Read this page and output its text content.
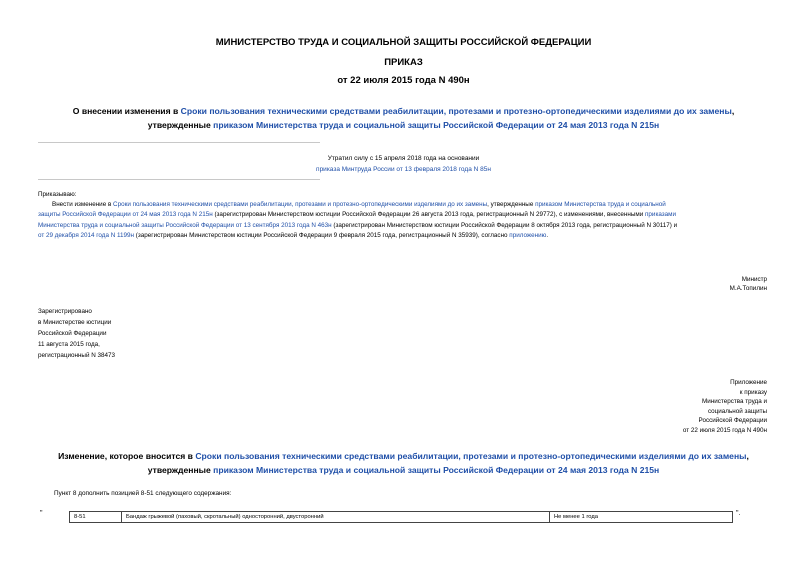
МИНИСТЕРСТВО ТРУДА И СОЦИАЛЬНОЙ ЗАЩИТЫ РОССИЙСКОЙ ФЕДЕРАЦИИ
ПРИКАЗ
от 22 июля 2015 года N 490н
О внесении изменения в Сроки пользования техническими средствами реабилитации, протезами и протезно-ортопедическими изделиями до их замены,
утвержденные приказом Министерства труда и социальной защиты Российской Федерации от 24 мая 2013 года N 215н
Утратил силу с 15 апреля 2018 года на основании
приказа Минтруда России от 13 февраля 2018 года N 85н
Приказываю:
Внести изменение в Сроки пользования техническими средствами реабилитации, протезами и протезно-ортопедическими изделиями до их замены, утвержденные приказом Министерства труда и социальной
защиты Российской Федерации от 24 мая 2013 года N 215н (зарегистрирован Министерством юстиции Российской Федерации 26 августа 2013 года, регистрационный N 29772), с изменениями, внесенными приказами
Министерства труда и социальной защиты Российской Федерации от 13 сентября 2013 года N 463н (зарегистрирован Министерством юстиции Российской Федерации 8 октября 2013 года, регистрационный N 30117) и
от 29 декабря 2014 года N 1199н (зарегистрирован Министерством юстиции Российской Федерации 9 февраля 2015 года, регистрационный N 35939), согласно приложению.
Министр
М.А.Топилин
Зарегистрировано
в Министерстве юстиции
Российской Федерации
11 августа 2015 года,
регистрационный N 38473
Приложение
к приказу
Министерства труда и
социальной защиты
Российской Федерации
от 22 июля 2015 года N 490н
Изменение, которое вносится в Сроки пользования техническими средствами реабилитации, протезами и протезно-ортопедическими изделиями до их замены,
утвержденные приказом Министерства труда и социальной защиты Российской Федерации от 24 мая 2013 года N 215н
Пункт 8 дополнить позицией 8-51 следующего содержания:
"	8-51	Бандаж грыжевой (паховый, скротальный) односторонний, двусторонний	Не менее 1 года	".
